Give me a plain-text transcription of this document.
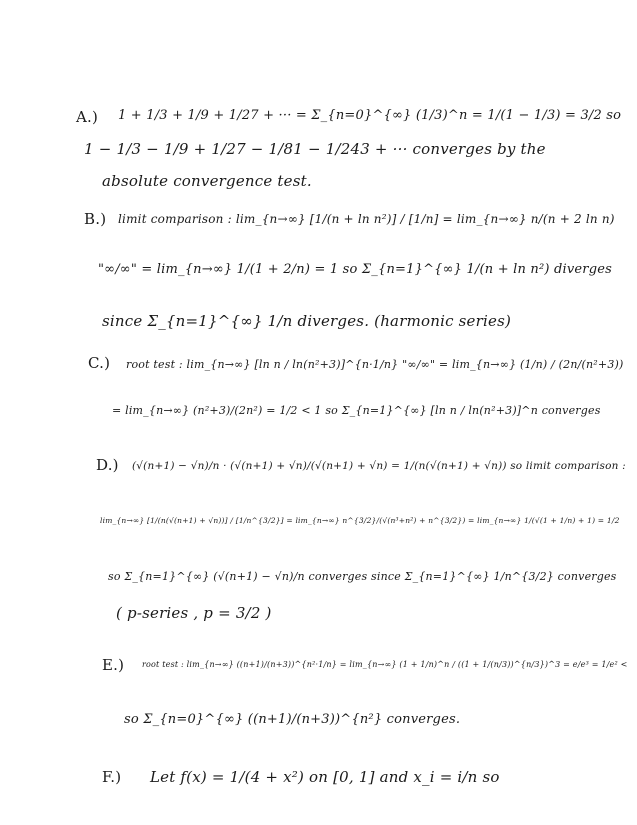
A.) 1 + 1/3 + 1/9 + 1/27 + ··· = Σ_{n=0}^{∞} (1/3)^n = 1/(1 − 1/3) = 3/2 so
1 − 1/3 − 1/9 + 1/27 − 1/81 − 1/243 + ··· converges by the
absolute convergence test.
B.) limit comparison : lim_{n→∞} [1/(n + ln n²)] / [1/n] = lim_{n→∞} n/(n + 2 ln n)
"∞/∞" = lim_{n→∞} 1/(1 + 2/n) = 1 so Σ_{n=1}^{∞} 1/(n + ln n²) diverges
since Σ_{n=1}^{∞} 1/n diverges. (harmonic series)
C.) root test : lim_{n→∞} [ln n / ln(n²+3)]^{n·1/n} "∞/∞" = lim_{n→∞} (1/n) / (2n/(n²+3))
= lim_{n→∞} (n²+3)/(2n²) = 1/2 < 1 so Σ_{n=1}^{∞} [ln n / ln(n²+3)]^n converges
D.) (√(n+1) − √n)/n · (√(n+1) + √n)/(√(n+1) + √n) = 1/(n(√(n+1) + √n)) so limit comparison :
lim_{n→∞} [1/(n(√(n+1) + √n))] / [1/n^{3/2}] = lim_{n→∞} n^{3/2}/(√(n³+n²) + n^{3/2}) = lim_{n→∞} 1/(√(1 + 1/n) + 1) = 1/2
so Σ_{n=1}^{∞} (√(n+1) − √n)/n converges since Σ_{n=1}^{∞} 1/n^{3/2} converges
( p-series , p = 3/2 )
E.) root test : lim_{n→∞} ((n+1)/(n+3))^{n²·1/n} = lim_{n→∞} (1 + 1/n)^n / ((1 + 1/(n/3))^{n/3})^3 = e/e³ = 1/e² <
so Σ_{n=0}^{∞} ((n+1)/(n+3))^{n²} converges.
F.) Let f(x) = 1/(4 + x²) on [0, 1] and x_i = i/n so
